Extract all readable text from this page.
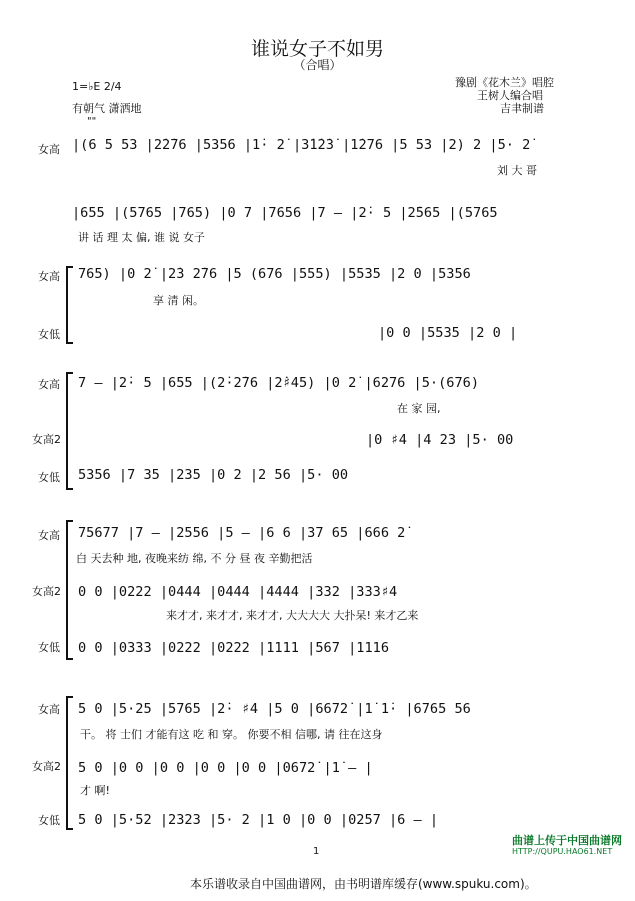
谁说女子不如男
（合唱）
1=♭E 2/4
有朝气 潇洒地
豫剧《花木兰》唱腔
王树人编合唱
吉聿制谱
""
女高 |(6 5 53 |2̇2̇76 |5356 |1̇· 2̇ |3̇1̇2̇3̇ |1̇276 |5 53 |2) 2 |5· 2̇
刘 大 哥
|655 |(5765 |765) |0 7 |7656 |7 — |2̇· 5 |2̇565 |(5765
讲 话 理 太 偏, 谁 说 女子
女高 765) |0 2̇ |2̇3 2̇76 |5 (676 |555) |5535 |2 0 |5356
享 清 闲。
女低	|0 0 |5535 |2 0 |
女高 7 — |2̇· 5 |655 |(2̇·2̇76 |2̇♯45) |0 2̇ |6276 |5·(676)
在 家 园,
女高2	|0 ♯4 |4 23 |5· 00
女低 5356 |7 35 |235 |0 2 |2 56 |5· 00
女高 75677 |7 — |2556 |5 — |6 6 |37 65 |666 2̇
白 天去种 地, 夜晚来纺 绵, 不 分 昼 夜 辛勤把活
女高2 0 0 |0222 |0444 |0444 |4444 |332 |333♯4
来才才, 来才才, 来才才, 大大大大 大扑呆! 来才乙来
女低 0 0 |0333 |0222 |0222 |1111 |567 |1116
女高 5 0 |5·25 |5765 |2̇· ♯4 |5 0 |6672̇ |1̇ 1̇· |6765 56
干。 将 士们 才能有这 吃 和 穿。 你要不相 信哪, 请 往在这身
女高2 5 0 |0 0 |0 0 |0 0 |0 0 |0672̇ |1̇ — |
才 啊!
女低 5 0 |5·52 |2323 |5· 2 |1 0 |0 0 |0257 |6 — |
1
曲谱上传于中国曲谱网
HTTP://QUPU.HAO61.NET
本乐谱收录自中国曲谱网，由书明谱库缓存(www.spuku.com)。
